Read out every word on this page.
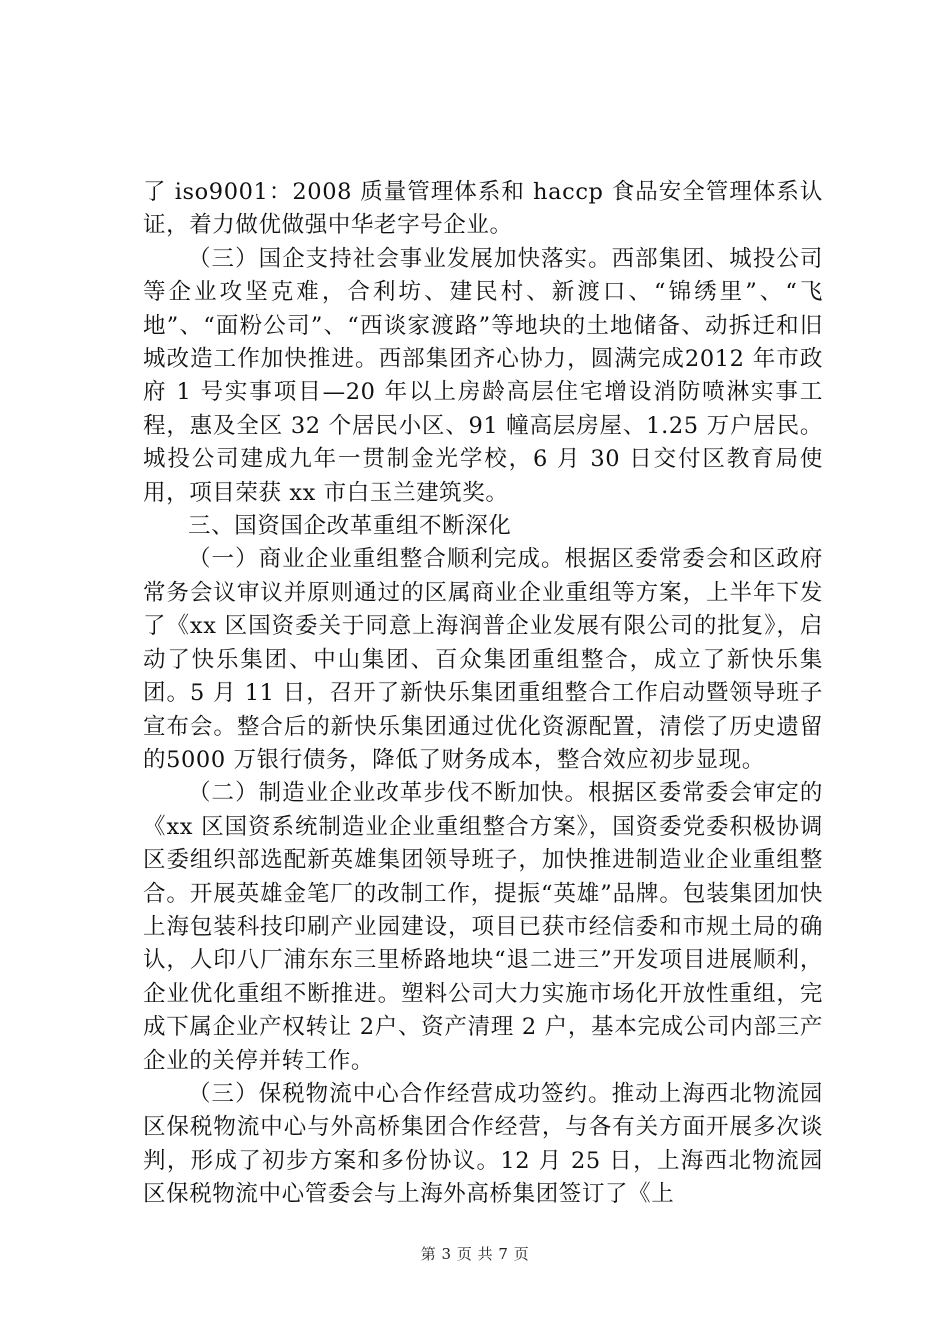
了 iso9001：2008 质量管理体系和 haccp 食品安全管理体系认证，着力做优做强中华老字号企业。

（三）国企支持社会事业发展加快落实。西部集团、城投公司等企业攻坚克难，合利坊、建民村、新渡口、“锦绣里”、“飞地”、“面粉公司”、“西谈家渡路”等地块的土地储备、动拆迁和旧城改造工作加快推进。西部集团齐心协力，圆满完成2012 年市政府 1 号实事项目—20 年以上房龄高层住宅增设消防喷淋实事工程，惠及全区 32 个居民小区、91 幢高层房屋、1.25 万户居民。城投公司建成九年一贯制金光学校，6 月 30 日交付区教育局使用，项目荣获 xx 市白玉兰建筑奖。

三、国资国企改革重组不断深化

（一）商业企业重组整合顺利完成。根据区委常委会和区政府常务会议审议并原则通过的区属商业企业重组等方案，上半年下发了《xx 区国资委关于同意上海润普企业发展有限公司的批复》，启动了快乐集团、中山集团、百众集团重组整合，成立了新快乐集团。5 月 11 日，召开了新快乐集团重组整合工作启动暨领导班子宣布会。整合后的新快乐集团通过优化资源配置，清偿了历史遗留的5000 万银行债务，降低了财务成本，整合效应初步显现。

（二）制造业企业改革步伐不断加快。根据区委常委会审定的《xx 区国资系统制造业企业重组整合方案》，国资委党委积极协调区委组织部选配新英雄集团领导班子，加快推进制造业企业重组整合。开展英雄金笔厂的改制工作，提振“英雄”品牌。包装集团加快上海包装科技印刷产业园建设，项目已获市经信委和市规土局的确认，人印八厂浦东东三里桥路地块“退二进三”开发项目进展顺利，企业优化重组不断推进。塑料公司大力实施市场化开放性重组，完成下属企业产权转让 2户、资产清理 2 户，基本完成公司内部三产企业的关停并转工作。

（三）保税物流中心合作经营成功签约。推动上海西北物流园区保税物流中心与外高桥集团合作经营，与各有关方面开展多次谈判，形成了初步方案和多份协议。12 月 25 日，上海西北物流园区保税物流中心管委会与上海外高桥集团签订了《上

第 3 页 共 7 页
